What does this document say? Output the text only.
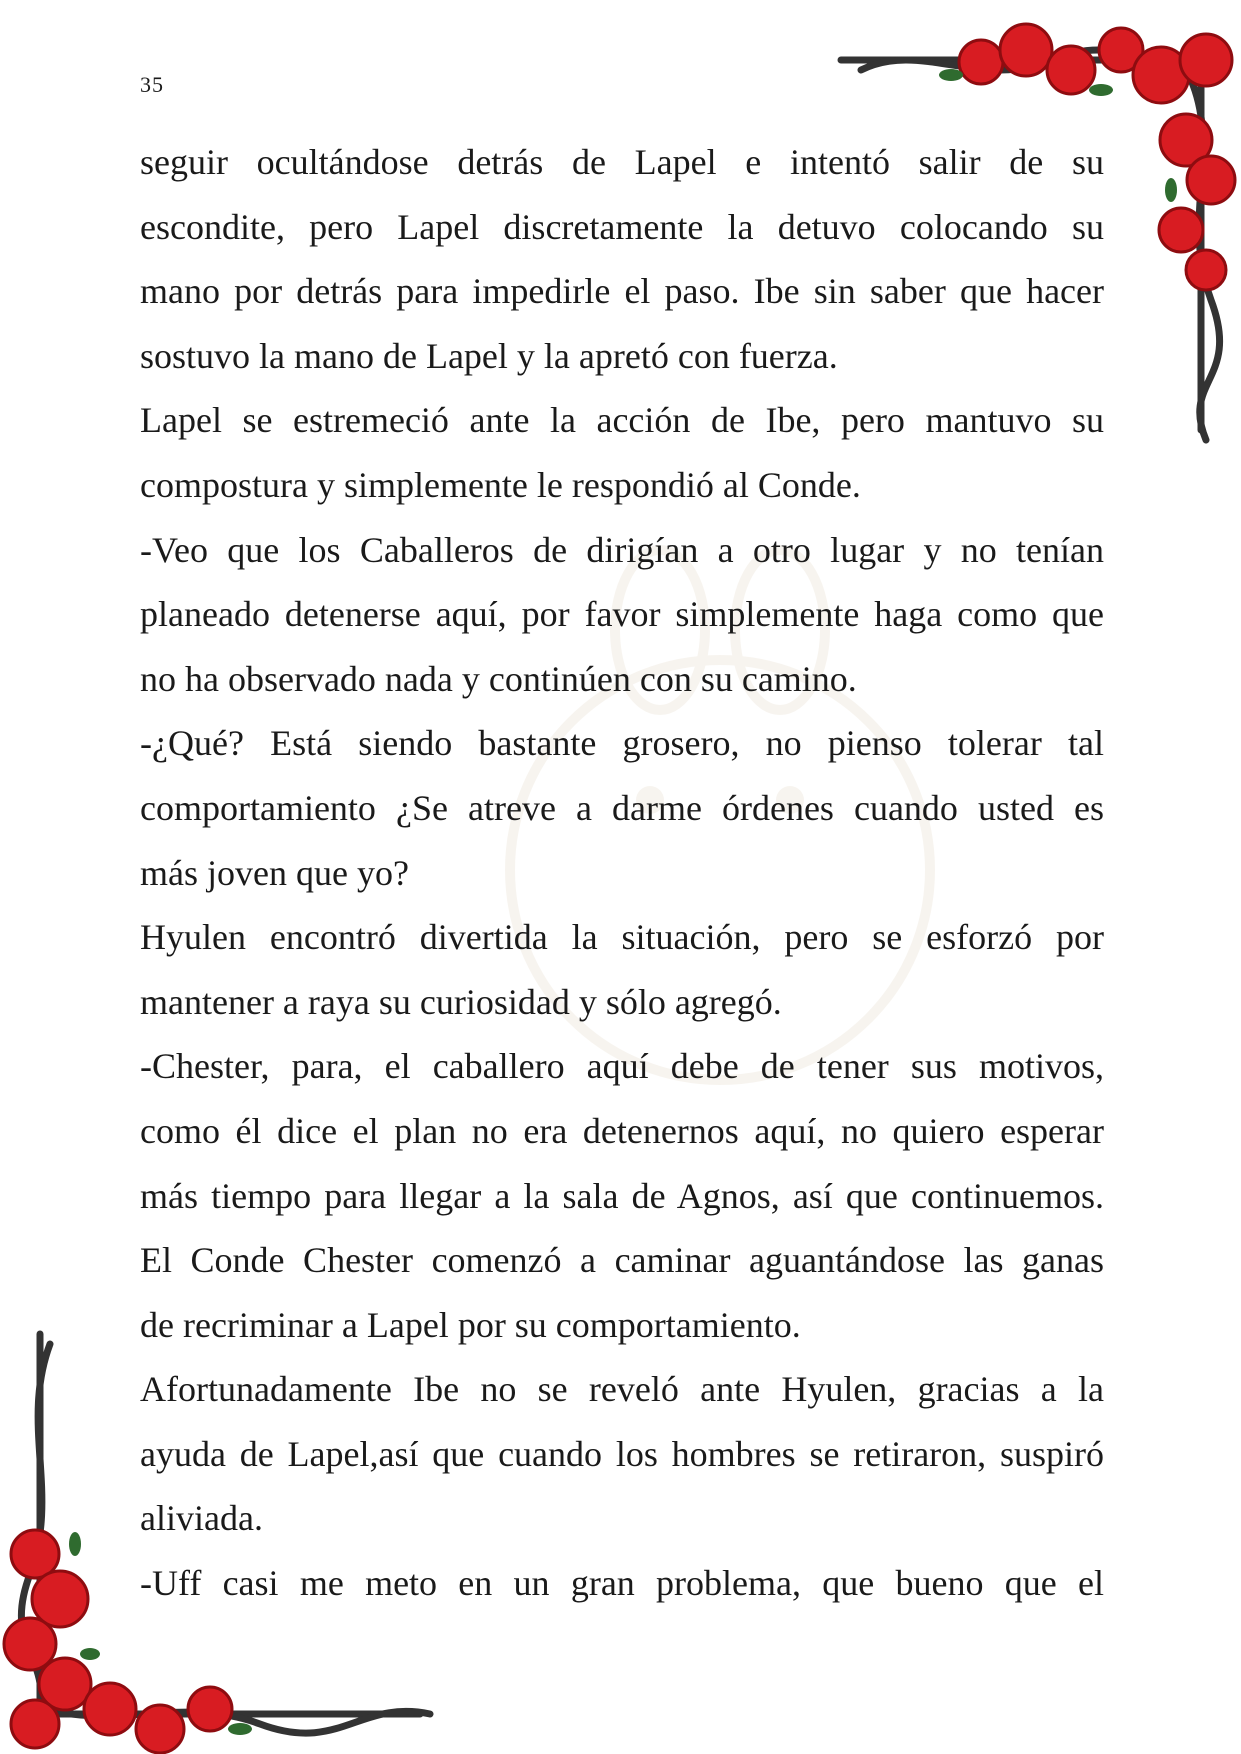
35
seguir ocultándose detrás de Lapel e intentó salir de su
escondite, pero Lapel discretamente la detuvo colocando su
mano por detrás para impedirle el paso. Ibe sin saber que hacer
sostuvo la mano de Lapel y la apretó con fuerza.
Lapel se estremeció ante la acción de Ibe, pero mantuvo su
compostura y simplemente le respondió al Conde.
-Veo que los Caballeros de dirigían a otro lugar y no tenían
planeado detenerse aquí, por favor simplemente haga como que
no ha observado nada y continúen con su camino.
-¿Qué? Está siendo bastante grosero, no pienso tolerar tal
comportamiento ¿Se atreve a darme órdenes cuando usted es
más joven que yo?
Hyulen encontró divertida la situación, pero se esforzó por
mantener a raya su curiosidad y sólo agregó.
-Chester, para, el caballero aquí debe de tener sus motivos,
como él dice el plan no era detenernos aquí, no quiero esperar
más tiempo para llegar a la sala de Agnos, así que continuemos.
El Conde Chester comenzó a caminar aguantándose las ganas
de recriminar a Lapel por su comportamiento.
Afortunadamente Ibe no se reveló ante Hyulen, gracias a la
ayuda de Lapel,así que cuando los hombres se retiraron, suspiró
aliviada.
-Uff casi me meto en un gran problema, que bueno que el
